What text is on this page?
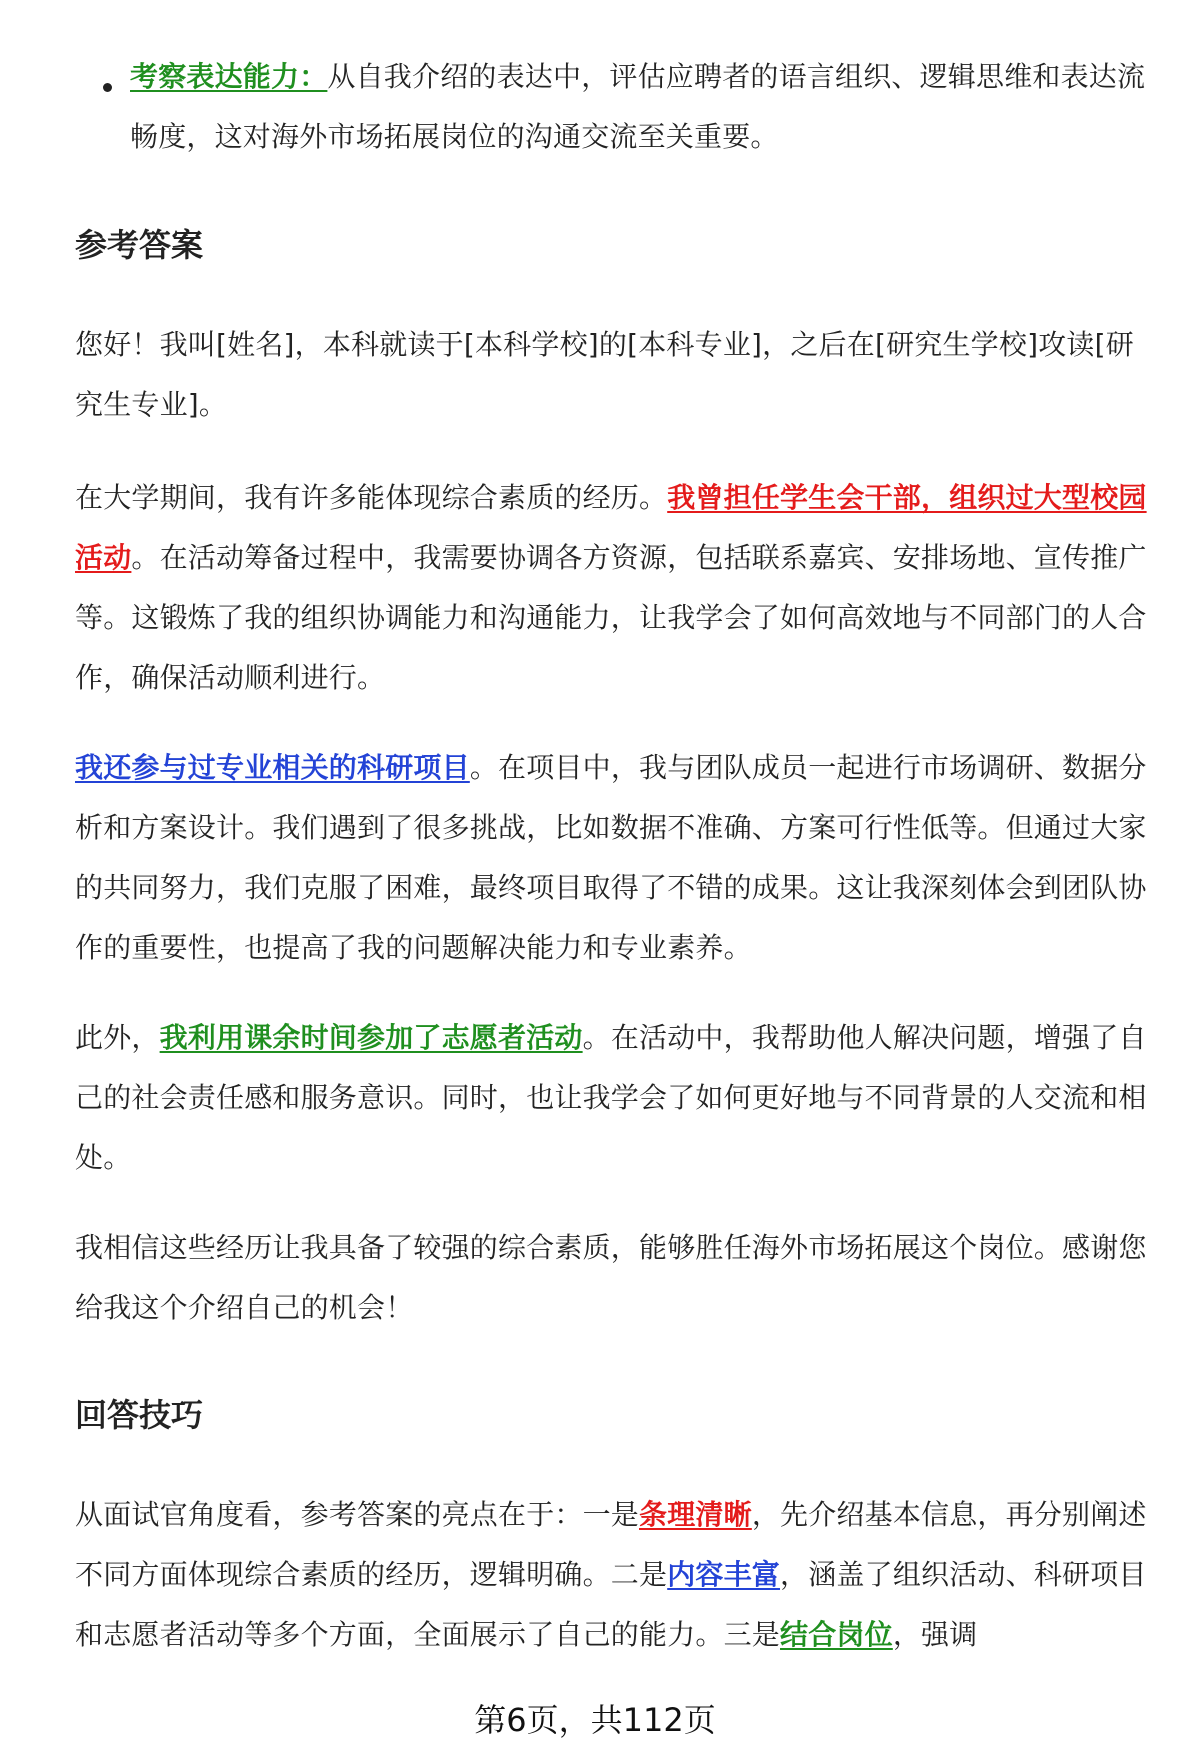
考察表达能力：从自我介绍的表达中，评估应聘者的语言组织、逻辑思维和表达流畅度，这对海外市场拓展岗位的沟通交流至关重要。

参考答案

您好！我叫[姓名]，本科就读于[本科学校]的[本科专业]，之后在[研究生学校]攻读[研究生专业]。

在大学期间，我有许多能体现综合素质的经历。我曾担任学生会干部，组织过大型校园活动。在活动筹备过程中，我需要协调各方资源，包括联系嘉宾、安排场地、宣传推广等。这锻炼了我的组织协调能力和沟通能力，让我学会了如何高效地与不同部门的人合作，确保活动顺利进行。

我还参与过专业相关的科研项目。在项目中，我与团队成员一起进行市场调研、数据分析和方案设计。我们遇到了很多挑战，比如数据不准确、方案可行性低等。但通过大家的共同努力，我们克服了困难，最终项目取得了不错的成果。这让我深刻体会到团队协作的重要性，也提高了我的问题解决能力和专业素养。

此外，我利用课余时间参加了志愿者活动。在活动中，我帮助他人解决问题，增强了自己的社会责任感和服务意识。同时，也让我学会了如何更好地与不同背景的人交流和相处。

我相信这些经历让我具备了较强的综合素质，能够胜任海外市场拓展这个岗位。感谢您给我这个介绍自己的机会！

回答技巧

从面试官角度看，参考答案的亮点在于：一是条理清晰，先介绍基本信息，再分别阐述不同方面体现综合素质的经历，逻辑明确。二是内容丰富，涵盖了组织活动、科研项目和志愿者活动等多个方面，全面展示了自己的能力。三是结合岗位，强调

第6页，共112页
